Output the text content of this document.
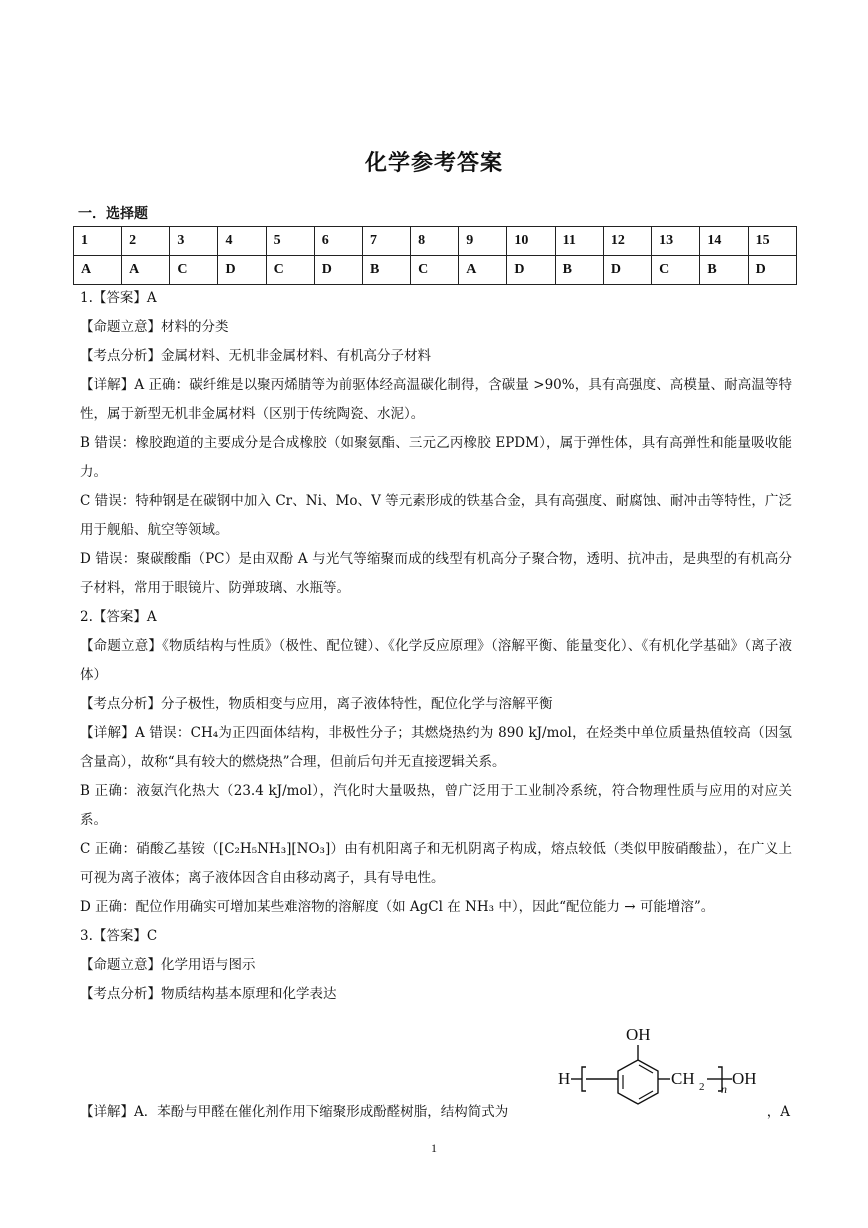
化学参考答案
一．选择题
1	2	3	4	5	6	7	8	9	10	11	12	13	14	15
A	A	C	D	C	D	B	C	A	D	B	D	C	B	D

1.【答案】A

【命题立意】材料的分类

【考点分析】金属材料、无机非金属材料、有机高分子材料

【详解】A 正确：碳纤维是以聚丙烯腈等为前驱体经高温碳化制得，含碳量 >90%，具有高强度、高模量、耐高温等特性，属于新型无机非金属材料（区别于传统陶瓷、水泥）。

B 错误：橡胶跑道的主要成分是合成橡胶（如聚氨酯、三元乙丙橡胶 EPDM），属于弹性体，具有高弹性和能量吸收能力。

C 错误：特种钢是在碳钢中加入 Cr、Ni、Mo、V 等元素形成的铁基合金，具有高强度、耐腐蚀、耐冲击等特性，广泛用于舰船、航空等领域。

D 错误：聚碳酸酯（PC）是由双酚 A 与光气等缩聚而成的线型有机高分子聚合物，透明、抗冲击，是典型的有机高分子材料，常用于眼镜片、防弹玻璃、水瓶等。

2.【答案】A

【命题立意】《物质结构与性质》（极性、配位键）、《化学反应原理》（溶解平衡、能量变化）、《有机化学基础》（离子液体）

【考点分析】分子极性，物质相变与应用，离子液体特性，配位化学与溶解平衡

【详解】A 错误：CH₄为正四面体结构，非极性分子；其燃烧热约为 890 kJ/mol，在烃类中单位质量热值较高（因氢含量高），故称“具有较大的燃烧热”合理，但前后句并无直接逻辑关系。

B 正确：液氨汽化热大（23.4 kJ/mol），汽化时大量吸热，曾广泛用于工业制冷系统，符合物理性质与应用的对应关系。

C 正确：硝酸乙基铵（[C₂H₅NH₃][NO₃]）由有机阳离子和无机阴离子构成，熔点较低（类似甲胺硝酸盐），在广义上可视为离子液体；离子液体因含自由移动离子，具有导电性。

D 正确：配位作用确实可增加某些难溶物的溶解度（如 AgCl 在 NH₃ 中），因此“配位能力 → 可能增溶”。

3.【答案】C

【命题立意】化学用语与图示

【考点分析】物质结构基本原理和化学表达

【详解】A．苯酚与甲醛在催化剂作用下缩聚形成酚醛树脂，结构简式为
OH
H	CH 2 n
OH
，A
1
